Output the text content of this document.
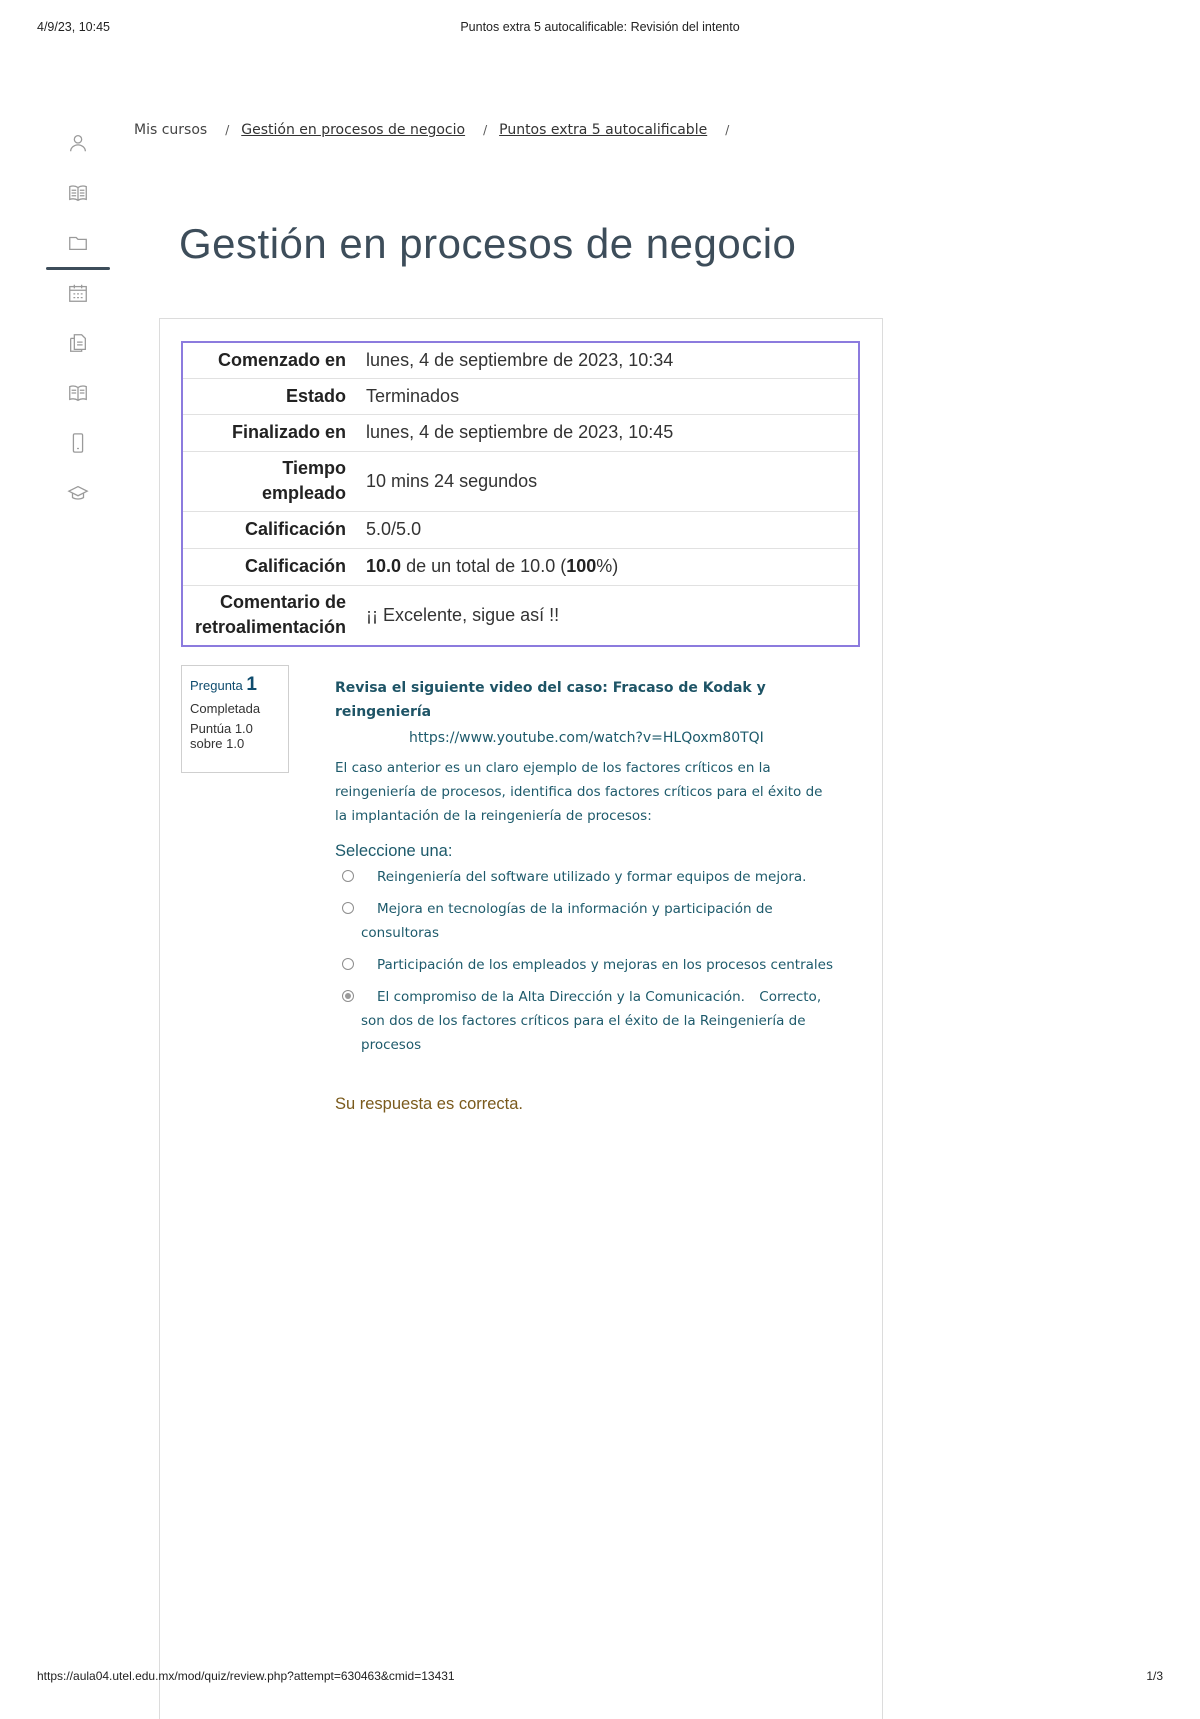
4/9/23, 10:45	Puntos extra 5 autocalificable: Revisión del intento
Mis cursos / Gestión en procesos de negocio / Puntos extra 5 autocalificable /
Gestión en procesos de negocio
Comenzado en	lunes, 4 de septiembre de 2023, 10:34
Estado	Terminados
Finalizado en	lunes, 4 de septiembre de 2023, 10:45
Tiempo empleado	10 mins 24 segundos
Calificación	5.0/5.0
Calificación	10.0 de un total de 10.0 (100%)
Comentario de retroalimentación	¡¡ Excelente, sigue así !!
Pregunta 1
Completada
Puntúa 1.0 sobre 1.0

Revisa el siguiente video del caso: Fracaso de Kodak y reingeniería

https://www.youtube.com/watch?v=HLQoxm80TQI

El caso anterior es un claro ejemplo de los factores críticos en la reingeniería de procesos, identifica dos factores críticos para el éxito de la implantación de la reingeniería de procesos:

Seleccione una:
Reingeniería del software utilizado y formar equipos de mejora.
Mejora en tecnologías de la información y participación de consultoras
Participación de los empleados y mejoras en los procesos centrales
El compromiso de la Alta Dirección y la Comunicación. Correcto, son dos de los factores críticos para el éxito de la Reingeniería de procesos
Su respuesta es correcta.
https://aula04.utel.edu.mx/mod/quiz/review.php?attempt=630463&cmid=13431	1/3
